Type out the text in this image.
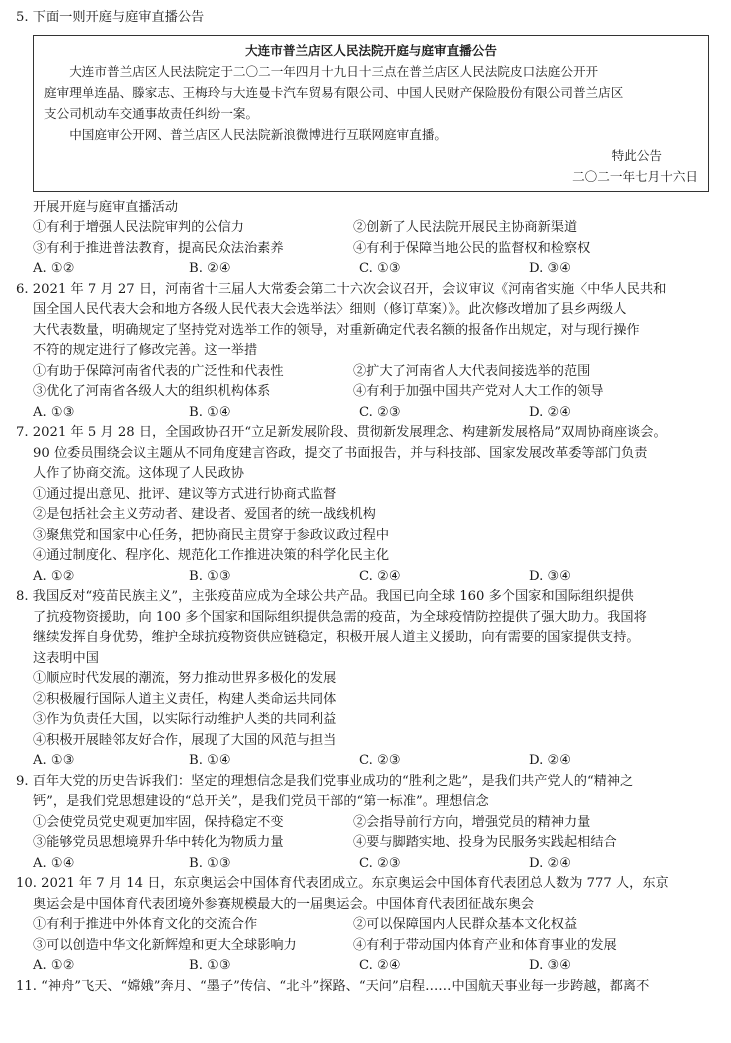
5. 下面一则开庭与庭审直播公告
大连市普兰店区人民法院开庭与庭审直播公告
大连市普兰店区人民法院定于二〇二一年四月十九日十三点在普兰店区人民法院皮口法庭公开开
庭审理单连晶、滕家志、王梅玲与大连曼卡汽车贸易有限公司、中国人民财产保险股份有限公司普兰店区
支公司机动车交通事故责任纠纷一案。
中国庭审公开网、普兰店区人民法院新浪微博进行互联网庭审直播。
特此公告
二〇二一年七月十六日
开展开庭与庭审直播活动
①有利于增强人民法院审判的公信力	②创新了人民法院开展民主协商新渠道
③有利于推进普法教育，提高民众法治素养	④有利于保障当地公民的监督权和检察权
A. ①②	B. ②④	C. ①③	D. ③④
6. 2021 年 7 月 27 日，河南省十三届人大常委会第二十六次会议召开，会议审议《河南省实施〈中华人民共和
国全国人民代表大会和地方各级人民代表大会选举法〉细则（修订草案）》。此次修改增加了县乡两级人
大代表数量，明确规定了坚持党对选举工作的领导，对重新确定代表名额的报备作出规定，对与现行操作
不符的规定进行了修改完善。这一举措
①有助于保障河南省代表的广泛性和代表性	②扩大了河南省人大代表间接选举的范围
③优化了河南省各级人大的组织机构体系	④有利于加强中国共产党对人大工作的领导
A. ①③	B. ①④	C. ②③	D. ②④
7. 2021 年 5 月 28 日，全国政协召开“立足新发展阶段、贯彻新发展理念、构建新发展格局”双周协商座谈会。
90 位委员围绕会议主题从不同角度建言咨政，提交了书面报告，并与科技部、国家发展改革委等部门负责
人作了协商交流。这体现了人民政协
①通过提出意见、批评、建议等方式进行协商式监督
②是包括社会主义劳动者、建设者、爱国者的统一战线机构
③聚焦党和国家中心任务，把协商民主贯穿于参政议政过程中
④通过制度化、程序化、规范化工作推进决策的科学化民主化
A. ①②	B. ①③	C. ②④	D. ③④
8. 我国反对“疫苗民族主义”，主张疫苗应成为全球公共产品。我国已向全球 160 多个国家和国际组织提供
了抗疫物资援助，向 100 多个国家和国际组织提供急需的疫苗，为全球疫情防控提供了强大助力。我国将
继续发挥自身优势，维护全球抗疫物资供应链稳定，积极开展人道主义援助，向有需要的国家提供支持。
这表明中国
①顺应时代发展的潮流，努力推动世界多极化的发展
②积极履行国际人道主义责任，构建人类命运共同体
③作为负责任大国，以实际行动维护人类的共同利益
④积极开展睦邻友好合作，展现了大国的风范与担当
A. ①③	B. ①④	C. ②③	D. ②④
9. 百年大党的历史告诉我们：坚定的理想信念是我们党事业成功的“胜利之匙”，是我们共产党人的“精神之
钙”，是我们党思想建设的“总开关”，是我们党员干部的“第一标准”。理想信念
①会使党员党史观更加牢固，保持稳定不变	②会指导前行方向，增强党员的精神力量
③能够党员思想境界升华中转化为物质力量	④要与脚踏实地、投身为民服务实践起相结合
A. ①④	B. ①③	C. ②③	D. ②④
10. 2021 年 7 月 14 日，东京奥运会中国体育代表团成立。东京奥运会中国体育代表团总人数为 777 人，东京
奥运会是中国体育代表团境外参赛规模最大的一届奥运会。中国体育代表团征战东奥会
①有利于推进中外体育文化的交流合作	②可以保障国内人民群众基本文化权益
③可以创造中华文化新辉煌和更大全球影响力	④有利于带动国内体育产业和体育事业的发展
A. ①②	B. ①③	C. ②④	D. ③④
11. “神舟”飞天、“嫦娥”奔月、“墨子”传信、“北斗”探路、“天问”启程……中国航天事业每一步跨越，都离不
